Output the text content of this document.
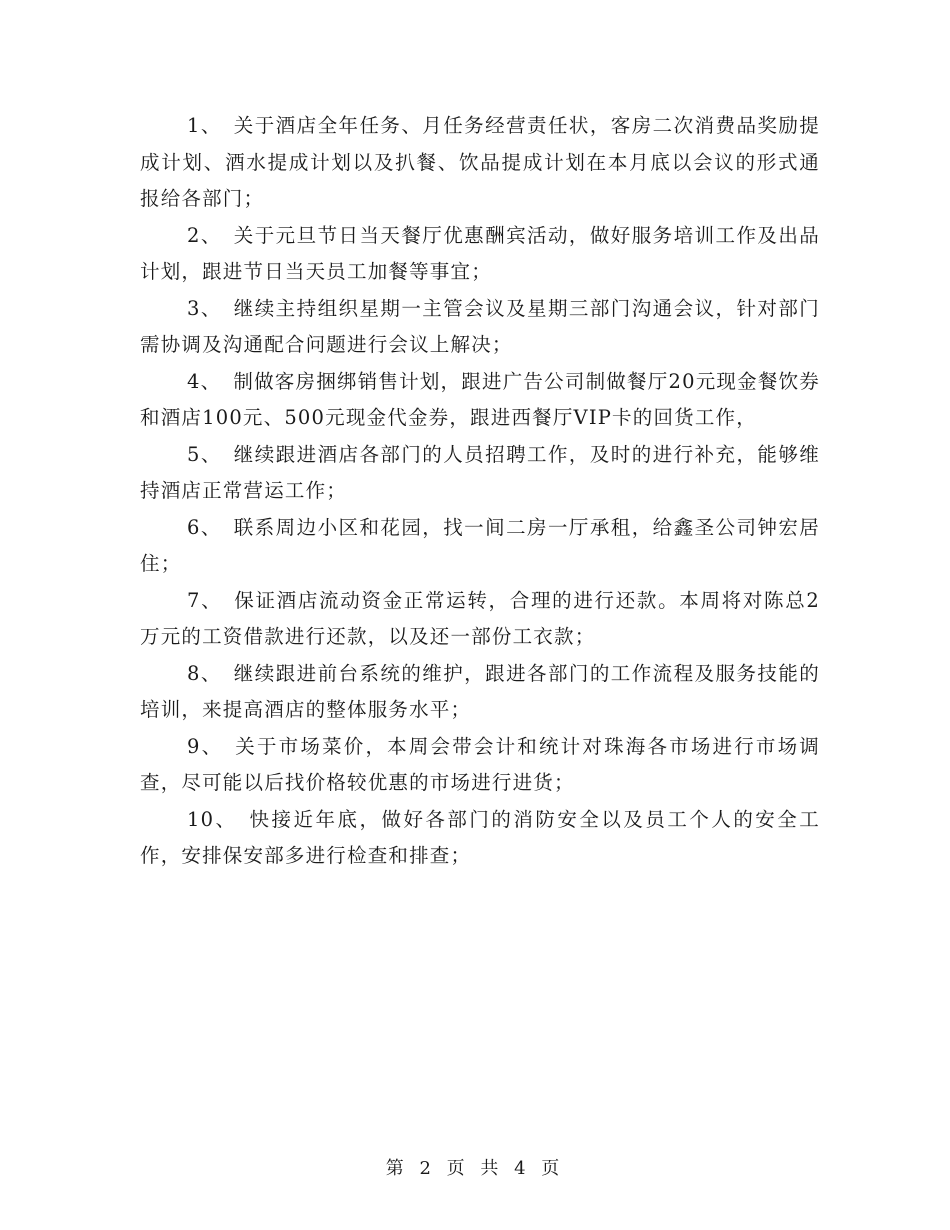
1、 关于酒店全年任务、月任务经营责任状，客房二次消费品奖励提成计划、酒水提成计划以及扒餐、饮品提成计划在本月底以会议的形式通报给各部门；

2、 关于元旦节日当天餐厅优惠酬宾活动，做好服务培训工作及出品计划，跟进节日当天员工加餐等事宜；

3、 继续主持组织星期一主管会议及星期三部门沟通会议，针对部门需协调及沟通配合问题进行会议上解决；

4、 制做客房捆绑销售计划，跟进广告公司制做餐厅20元现金餐饮券和酒店100元、500元现金代金券，跟进西餐厅VIP卡的回货工作，

5、 继续跟进酒店各部门的人员招聘工作，及时的进行补充，能够维持酒店正常营运工作；

6、 联系周边小区和花园，找一间二房一厅承租，给鑫圣公司钟宏居住；

7、 保证酒店流动资金正常运转，合理的进行还款。本周将对陈总2万元的工资借款进行还款，以及还一部份工衣款；

8、 继续跟进前台系统的维护，跟进各部门的工作流程及服务技能的培训，来提高酒店的整体服务水平；

9、 关于市场菜价，本周会带会计和统计对珠海各市场进行市场调查，尽可能以后找价格较优惠的市场进行进货；

10、 快接近年底，做好各部门的消防安全以及员工个人的安全工作，安排保安部多进行检查和排查；

第 2 页 共 4 页
